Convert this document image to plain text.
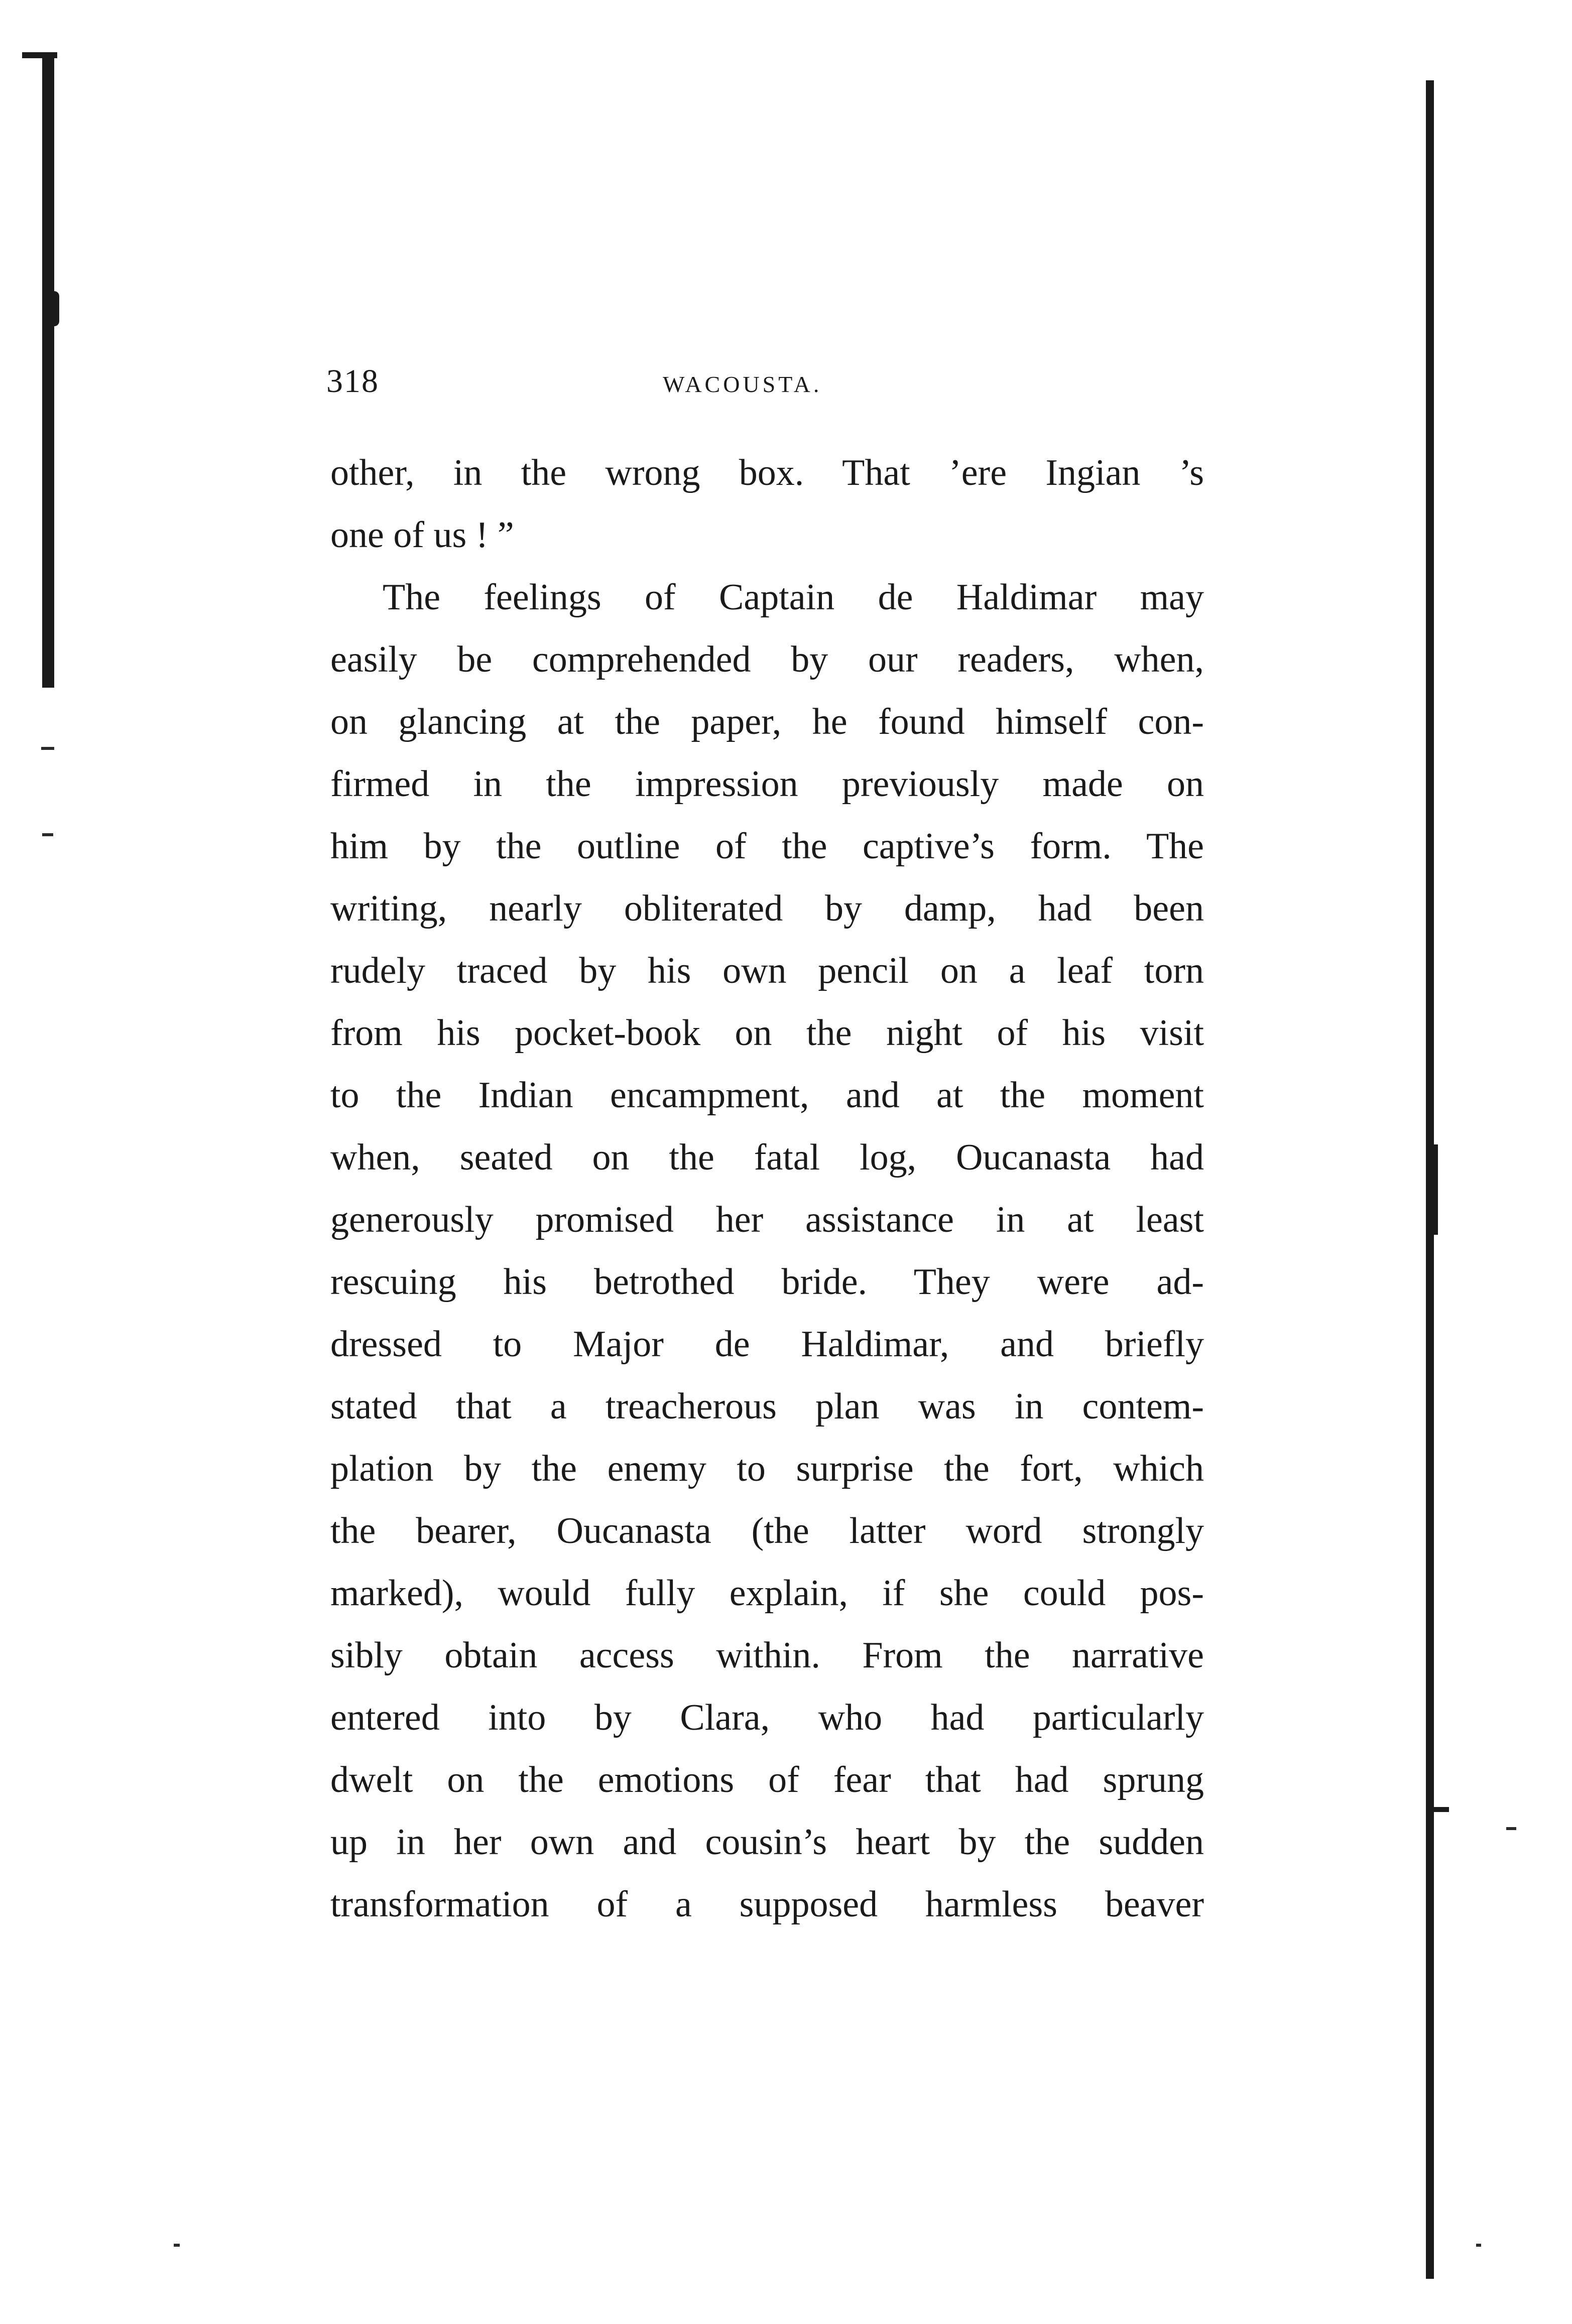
318	WACOUSTA.
other, in the wrong box. That ’ere Ingian ’s
one of us ! ”
The feelings of Captain de Haldimar may
easily be comprehended by our readers, when,
on glancing at the paper, he found himself con-
firmed in the impression previously made on
him by the outline of the captive’s form. The
writing, nearly obliterated by damp, had been
rudely traced by his own pencil on a leaf torn
from his pocket-book on the night of his visit
to the Indian encampment, and at the moment
when, seated on the fatal log, Oucanasta had
generously promised her assistance in at least
rescuing his betrothed bride. They were ad-
dressed to Major de Haldimar, and briefly
stated that a treacherous plan was in contem-
plation by the enemy to surprise the fort, which
the bearer, Oucanasta (the latter word strongly
marked), would fully explain, if she could pos-
sibly obtain access within. From the narrative
entered into by Clara, who had particularly
dwelt on the emotions of fear that had sprung
up in her own and cousin’s heart by the sudden
transformation of a supposed harmless beaver
